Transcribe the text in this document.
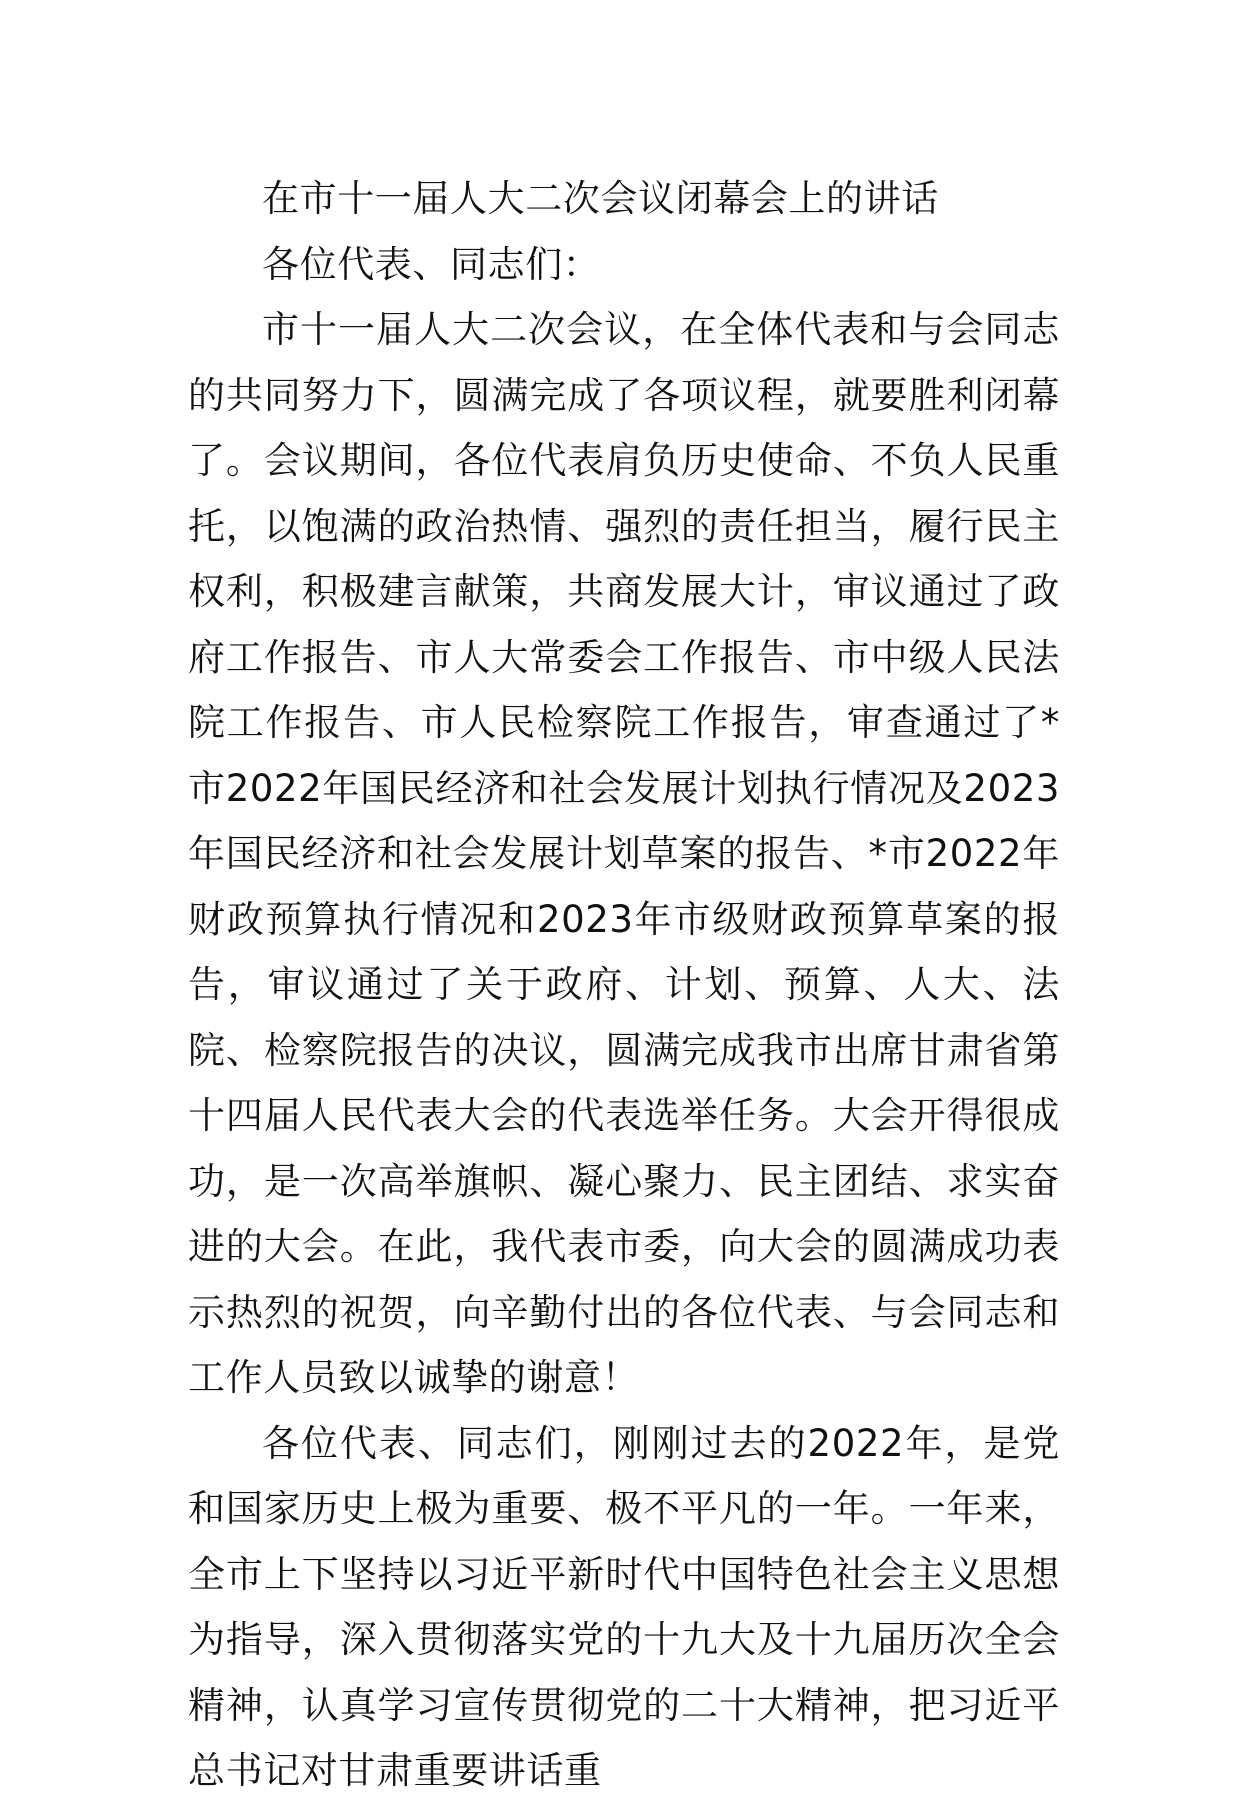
在市十一届人大二次会议闭幕会上的讲话

各位代表、同志们：

市十一届人大二次会议，在全体代表和与会同志的共同努力下，圆满完成了各项议程，就要胜利闭幕了。会议期间，各位代表肩负历史使命、不负人民重托，以饱满的政治热情、强烈的责任担当，履行民主权利，积极建言献策，共商发展大计，审议通过了政府工作报告、市人大常委会工作报告、市中级人民法院工作报告、市人民检察院工作报告，审查通过了*市2022年国民经济和社会发展计划执行情况及2023年国民经济和社会发展计划草案的报告、*市2022年财政预算执行情况和2023年市级财政预算草案的报告，审议通过了关于政府、计划、预算、人大、法院、检察院报告的决议，圆满完成我市出席甘肃省第十四届人民代表大会的代表选举任务。大会开得很成功，是一次高举旗帜、凝心聚力、民主团结、求实奋进的大会。在此，我代表市委，向大会的圆满成功表示热烈的祝贺，向辛勤付出的各位代表、与会同志和工作人员致以诚挚的谢意！

各位代表、同志们，刚刚过去的2022年，是党和国家历史上极为重要、极不平凡的一年。一年来，全市上下坚持以习近平新时代中国特色社会主义思想为指导，深入贯彻落实党的十九大及十九届历次全会精神，认真学习宣传贯彻党的二十大精神，把习近平总书记对甘肃重要讲话重
